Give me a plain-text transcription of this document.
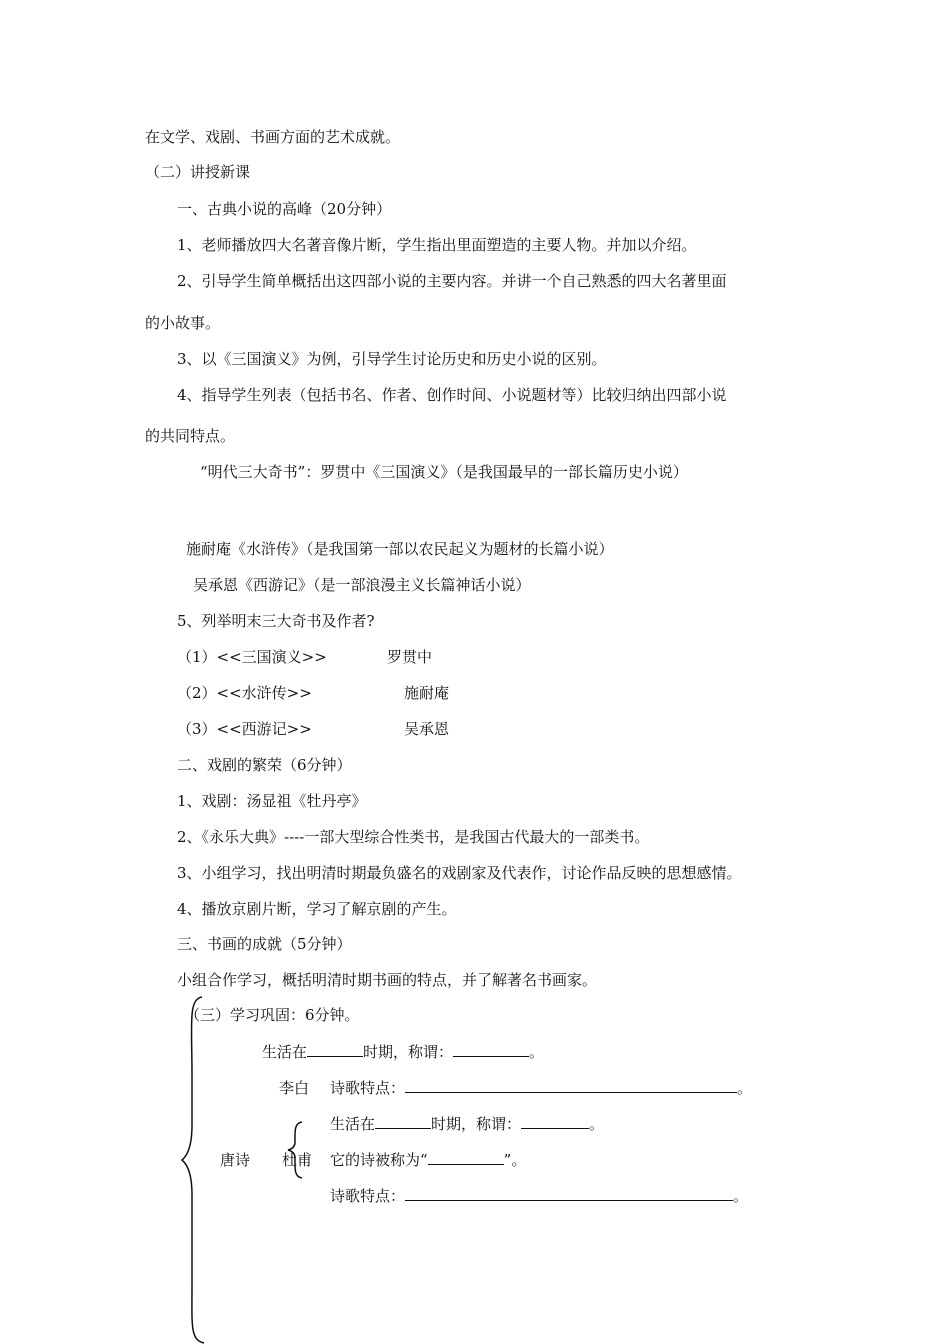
在文学、戏剧、书画方面的艺术成就。
（二）讲授新课
一、古典小说的高峰（20分钟）
1、老师播放四大名著音像片断，学生指出里面塑造的主要人物。并加以介绍。
2、引导学生简单概括出这四部小说的主要内容。并讲一个自己熟悉的四大名著里面
的小故事。
3、以《三国演义》为例，引导学生讨论历史和历史小说的区别。
4、指导学生列表（包括书名、作者、创作时间、小说题材等）比较归纳出四部小说
的共同特点。
“明代三大奇书”：罗贯中《三国演义》（是我国最早的一部长篇历史小说）
施耐庵《水浒传》（是我国第一部以农民起义为题材的长篇小说）
吴承恩《西游记》（是一部浪漫主义长篇神话小说）
5、列举明末三大奇书及作者?
（1）<<三国演义>>	罗贯中
（2）<<水浒传>>	施耐庵
（3）<<西游记>>	吴承恩
二、戏剧的繁荣（6分钟）
1、戏剧：汤显祖《牡丹亭》
2、《永乐大典》----一部大型综合性类书，是我国古代最大的一部类书。
3、小组学习，找出明清时期最负盛名的戏剧家及代表作，讨论作品反映的思想感情。
4、播放京剧片断，学习了解京剧的产生。
三、书画的成就（5分钟）
小组合作学习，概括明清时期书画的特点，并了解著名书画家。
（三）学习巩固：6分钟。
生活在	时期，称谓：	。
李白 诗歌特点：	。
唐诗 杜甫
生活在	时期，称谓：	。
它的诗被称为“	”。
诗歌特点：	。
